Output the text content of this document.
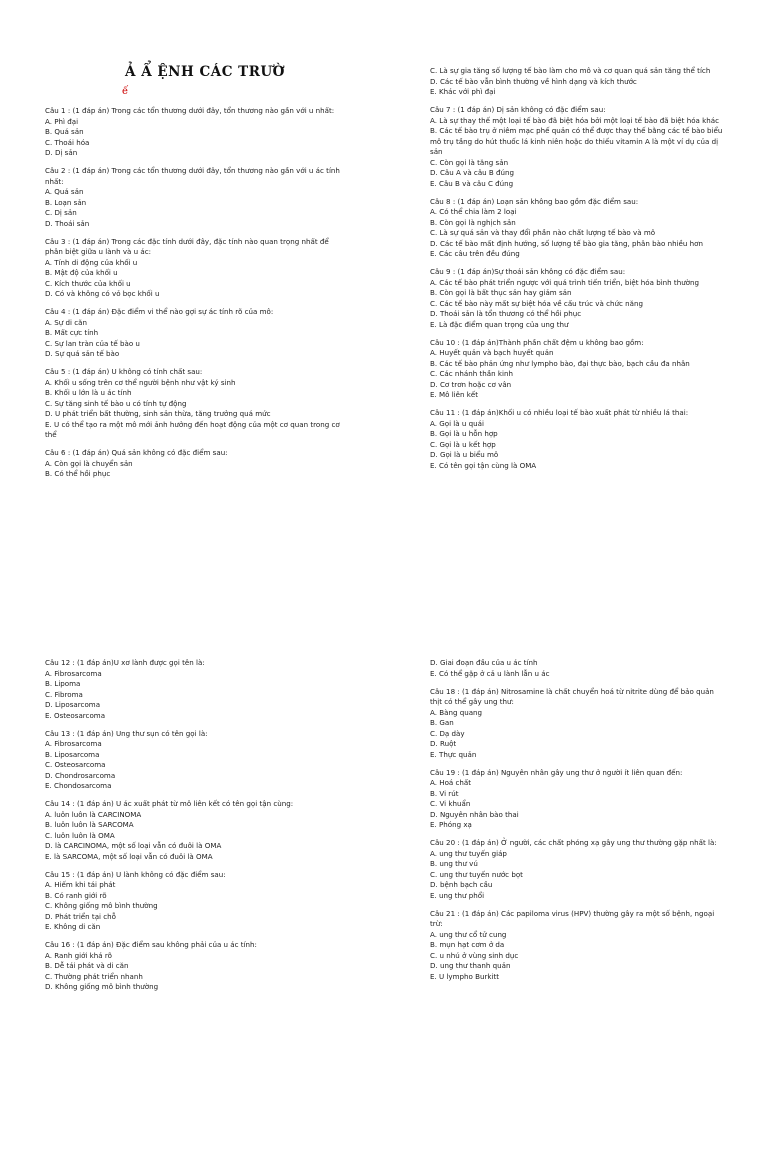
Ả Ẩ ỆNH CÁC TRƯỜ
ế
Câu 1 : (1 đáp án) Trong các tổn thương dưới đây, tổn thương nào gần với u nhất:
A. Phì đại
B. Quá sản
C. Thoái hóa
D. Dị sản
Câu 2 : (1 đáp án) Trong các tổn thương dưới đây, tổn thương nào gần với u ác tính nhất:
A. Quá sản
B. Loạn sản
C. Dị sản
D. Thoái sản
Câu 3 : (1 đáp án) Trong các đặc tính dưới đây, đặc tính nào quan trọng nhất để phân biệt giữa u lành và u ác:
A. Tính di động của khối u
B. Mật độ của khối u
C. Kích thước của khối u
D. Có và không có vỏ bọc khối u
Câu 4 : (1 đáp án) Đặc điểm vi thể nào gợi sự ác tính rõ của mô:
A. Sự di căn
B. Mất cực tính
C. Sự lan tràn của tế bào u
D. Sự quá sản tế bào
Câu 5 : (1 đáp án) U không có tính chất sau:
A. Khối u sống trên cơ thể người bệnh như vật ký sinh
B. Khối u lớn là u ác tính
C. Sự tăng sinh tế bào u có tính tự động
D. U phát triển bất thường, sinh sản thừa, tăng trưởng quá mức
E. U có thể tạo ra một mô mới ảnh hưởng đến hoạt động của một cơ quan trong cơ thể
Câu 6 : (1 đáp án) Quá sản không có đặc điểm sau:
A. Còn gọi là chuyển sản
B. Có thể hồi phục
C. Là sự gia tăng số lượng tế bào làm cho mô và cơ quan quá sản tăng thể tích
D. Các tế bào vẫn bình thường về hình dạng và kích thước
E. Khác với phì đại
Câu 7 : (1 đáp án) Dị sản không có đặc điểm sau:
A. Là sự thay thế một loại tế bào đã biệt hóa bởi một loại tế bào đã biệt hóa khác
B. Các tế bào trụ ở niêm mạc phế quản có thể được thay thế bằng các tế bào biểu mô trụ tầng do hút thuốc lá kinh niên hoặc do thiếu vitamin A là một ví dụ của dị sản
C. Còn gọi là tăng sản
D. Câu A và câu B đúng
E. Câu B và câu C đúng
Câu 8 : (1 đáp án) Loạn sản không bao gồm đặc điểm sau:
A. Có thể chia làm 2 loại
B. Còn gọi là nghịch sản
C. Là sự quá sản và thay đổi phần nào chất lượng tế bào và mô
D. Các tế bào mất định hướng, số lượng tế bào gia tăng, phân bào nhiều hơn
E. Các câu trên đều đúng
Câu 9 : (1 đáp án)Sự thoái sản không có đặc điểm sau:
A. Các tế bào phát triển ngược với quá trình tiến triển, biệt hóa bình thường
B. Còn gọi là bất thục sản hay giảm sản
C. Các tế bào này mất sự biệt hóa về cấu trúc và chức năng
D. Thoái sản là tổn thương có thể hồi phục
E. Là đặc điểm quan trọng của ung thư
Câu 10 : (1 đáp án)Thành phần chất đệm u không bao gồm:
A. Huyết quản và bạch huyết quản
B. Các tế bào phản ứng như lympho bào, đại thực bào, bạch cầu đa nhân
C. Các nhánh thần kinh
D. Cơ trơn hoặc cơ vân
E. Mô liên kết
Câu 11 : (1 đáp án)Khối u có nhiều loại tế bào xuất phát từ nhiều lá thai:
A. Gọi là u quái
B. Gọi là u hỗn hợp
C. Gọi là u kết hợp
D. Gọi là u biểu mô
E. Có tên gọi tận cùng là OMA
Câu 12 : (1 đáp án)U xơ lành được gọi tên là:
A. Fibrosarcoma
B. Lipoma
C. Fibroma
D. Liposarcoma
E. Osteosarcoma
Câu 13 : (1 đáp án) Ung thư sụn có tên gọi là:
A. Fibrosarcoma
B. Liposarcoma
C. Osteosarcoma
D. Chondrosarcoma
E. Chondosarcoma
Câu 14 : (1 đáp án) U ác xuất phát từ mô liên kết có tên gọi tận cùng:
A. luôn luôn là CARCINOMA
B. luôn luôn là SARCOMA
C. luôn luôn là OMA
D. là CARCINOMA, một số loại vẫn có đuôi là OMA
E. là SARCOMA, một số loại vẫn có đuôi là OMA
Câu 15 : (1 đáp án) U lành không có đặc điểm sau:
A. Hiếm khi tái phát
B. Có ranh giới rõ
C. Không giống mô bình thường
D. Phát triển tại chỗ
E. Không di căn
Câu 16 : (1 đáp án) Đặc điểm sau không phải của u ác tính:
A. Ranh giới khá rõ
B. Dễ tái phát và di căn
C. Thường phát triển nhanh
D. Không giống mô bình thường
D. Giai đoạn đầu của u ác tính
E. Có thể gặp ở cả u lành lẫn u ác
Câu 18 : (1 đáp án) Nitrosamine là chất chuyển hoá từ nitrite dùng để bảo quản thịt có thể gây ung thư:
A. Bàng quang
B. Gan
C. Dạ dày
D. Ruột
E. Thực quản
Câu 19 : (1 đáp án) Nguyên nhân gây ung thư ở người ít liên quan đến:
A. Hoá chất
B. Vi rút
C. Vi khuẩn
D. Nguyên nhân bào thai
E. Phóng xạ
Câu 20 : (1 đáp án) Ở người, các chất phóng xạ gây ung thư thường gặp nhất là:
A. ung thư tuyến giáp
B. ung thư vú
C. ung thư tuyến nước bọt
D. bệnh bạch cầu
E. ung thư phổi
Câu 21 : (1 đáp án) Các papiloma virus (HPV) thường gây ra một số bệnh, ngoại trừ:
A. ung thư cổ tử cung
B. mụn hạt cơm ở da
C. u nhú ở vùng sinh dục
D. ung thư thanh quản
E. U lympho Burkitt
